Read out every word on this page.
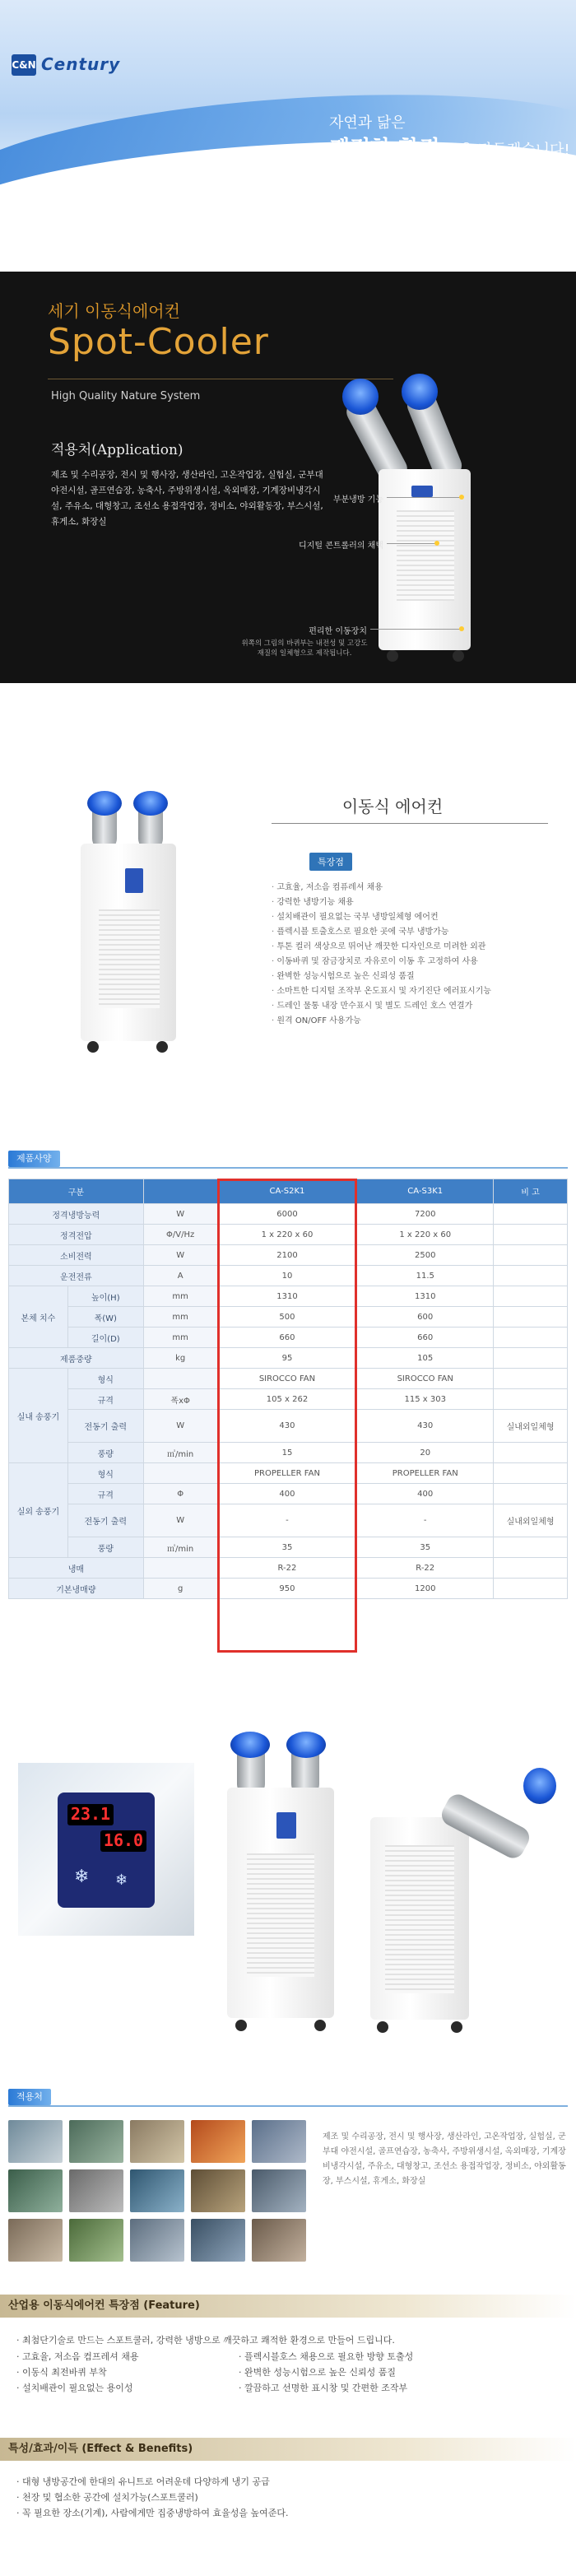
C&N Century
자연과 닮은
쾌적한 환경 을 만들겠습니다!
세기 이동식에어컨
Spot-Cooler
High Quality Nature System
적용처(Application)
제조 및 수리공장, 전시 및 행사장, 생산라인, 고온작업장, 실험실, 군부대 야전시설, 골프연습장, 농축사, 주방위생시설, 옥외매장, 기계장비냉각시설, 주유소, 대형창고, 조선소 용접작업장, 정비소, 야외활동장, 부스시설, 휴게소, 화장실
부분냉방 기능
디지털 콘트롤러의 채택
편리한 이동장치
위쪽의 그림의 바퀴부는 내전성 및 고강도 재질의 일체형으로 제작됩니다.
이동식 에어컨
특장점
· 고효율, 저소음 컴퓨레셔 채용
· 강력한 냉방기능 채용
· 설치배관이 필요없는 국부 냉방일체형 에어컨
· 플렉시블 토출호스로 필요한 곳에 국부 냉방가능
· 투톤 컬러 색상으로 뛰어난 깨끗한 디자인으로 미려한 외관
· 이동바퀴 및 잠금장치로 자유로이 이동 후 고정하여 사용
· 완벽한 성능시험으로 높은 신뢰성 품질
· 소마트한 디지털 조작부 온도표시 및 자기진단 에러표시기능
· 드레인 물통 내장 만수표시 및 별도 드레인 호스 연결가
· 원격 ON/OFF 사용가능
제품사양
구분			CA-S2K1	CA-S3K1	비 고
정격냉방능력		W	6000	7200	
정격전압		Φ/V/Hz	1 x 220 x 60	1 x 220 x 60	
소비전력		W	2100	2500	
운전전류		A	10	11.5	
본체 치수	높이(H)	mm	1310	1310	
	폭(W)	mm	500	600	
	길이(D)	mm	660	660	
제품중량		kg	95	105	
실내 송풍기	형식		SIROCCO FAN	SIROCCO FAN	
	규격	폭xΦ	105 x 262	115 x 303	
	전동기 출력	W	430	430	실내외일체형
	풍량	㎥/min	15	20	
실외 송풍기	형식		PROPELLER FAN	PROPELLER FAN	
	규격	Φ	400	400	
	전동기 출력	W	-	-	실내외일체형
	풍량	㎥/min	35	35	
냉매			R-22	R-22	
기본냉매량		g	950	1200	
23.1
16.0
❄ ❄
적용처
제조 및 수리공장, 전시 및 행사장, 생산라인, 고온작업장, 실험실, 군부대 야전시설, 골프연습장, 농축사, 주방위생시설, 옥외매장, 기계장비냉각시설, 주유소, 대형창고, 조선소 용접작업장, 정비소, 야외활동장, 부스시설, 휴게소, 화장실
산업용 이동식에어컨 특장점 (Feature)
· 최첨단기술로 만드는 스포트쿨러, 강력한 냉방으로 깨끗하고 쾌적한 환경으로 만들어 드립니다.
· 고효율, 저소음 컴프레셔 채용
· 이동식 최전바퀴 부착
· 설치배관이 필요없는 용이성
· 플렉시블호스 채용으로 필요한 방향 토출성
· 완벽한 성능시험으로 높은 신뢰성 품질
· 깔끔하고 선명한 표시창 및 간편한 조작부
특성/효과/이득 (Effect & Benefits)
· 대형 냉방공간에 한대의 유니트로 어려운데 다양하게 냉기 공급
· 천장 및 협소한 공간에 설치가능(스포트쿨러)
· 꼭 필요한 장소(기계), 사람에게만 집중냉방하여 효율성을 높여준다.
